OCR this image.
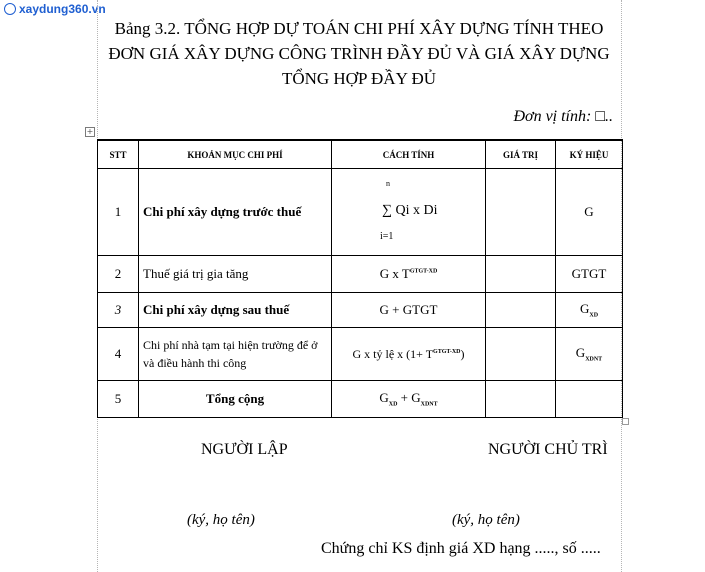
xaydung360.vn
Bảng 3.2. TỔNG HỢP DỰ TOÁN CHI PHÍ XÂY DỰNG TÍNH THEO ĐƠN GIÁ XÂY DỰNG CÔNG TRÌNH ĐẦY ĐỦ VÀ GIÁ XÂY DỰNG TỔNG HỢP ĐẦY ĐỦ
Đơn vị tính: □..
+
STT	KHOẢN MỤC CHI PHÍ	CÁCH TÍNH	GIÁ TRỊ	KÝ HIỆU
1	Chi phí xây dựng trước thuế	n
∑ Qi x Di
i=1		G
2	Thuế giá trị gia tăng	G x $T^{GTGT-XD}$		GTGT
3	Chi phí xây dựng sau thuế	G + GTGT		$G_{XD}$
4	Chi phí nhà tạm tại hiện trường để ở và điều hành thi công	G x tỷ lệ x $(1+ T^{GTGT-XD})$		$G_{XDNT}$
5	Tổng cộng	$G_{XD} + G_{XDNT}$		
NGƯỜI LẬP	NGƯỜI CHỦ TRÌ
(ký, họ tên)	(ký, họ tên)
Chứng chỉ KS định giá XD hạng ....., số .....
